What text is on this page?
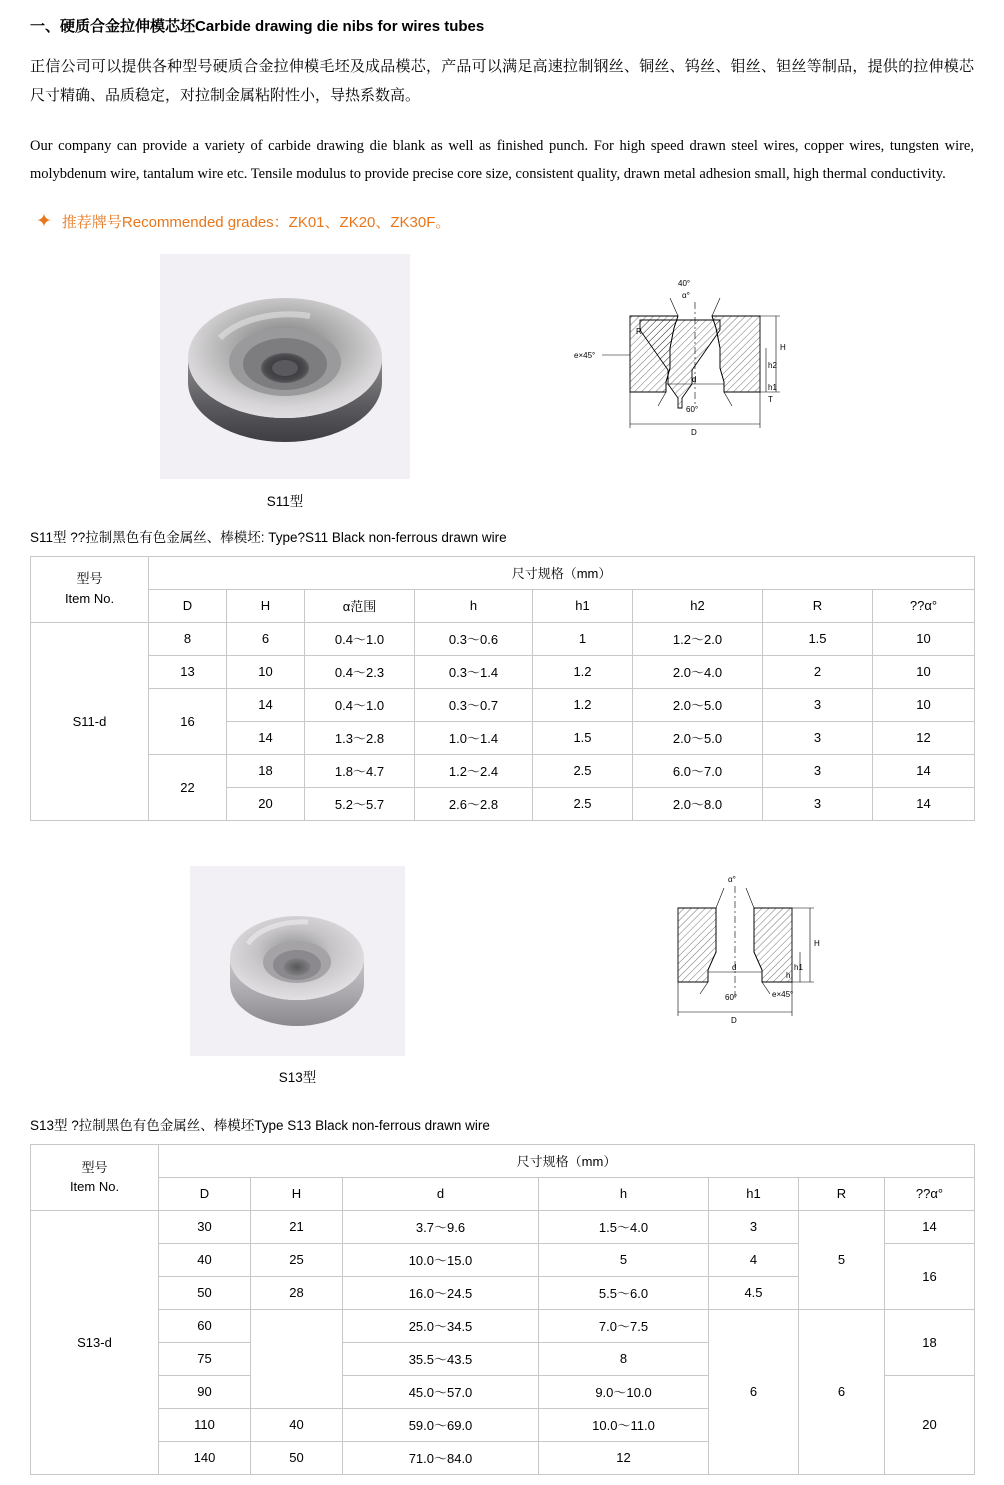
一、硬质合金拉伸模芯坯Carbide drawing die nibs for wires tubes

正信公司可以提供各种型号硬质合金拉伸模毛坯及成品模芯，产品可以满足高速拉制钢丝、铜丝、钨丝、钼丝、钽丝等制品，提供的拉伸模芯尺寸精确、品质稳定，对拉制金属粘附性小，导热系数高。

Our company can provide a variety of carbide drawing die blank as well as finished punch. For high speed drawn steel wires, copper wires, tungsten wire, molybdenum wire, tantalum wire etc. Tensile modulus to provide precise core size, consistent quality, drawn metal adhesion small, high thermal conductivity.

✦ 推荐牌号Recommended grades：ZK01、ZK20、ZK30F。
S11型
40°
α°
R
e×45°
60°
d
D
H
h2
h1
T
S11型 ??拉制黑色有色金属丝、棒模坯: Type?S11 Black non-ferrous drawn wire
型号
Item No.	尺寸规格（mm）							
	D	H	α范围	h	h1	h2	R	??α°
S11-d	8	6	0.4～1.0	0.3～0.6	1	1.2～2.0	1.5	10
	13	10	0.4～2.3	0.3～1.4	1.2	2.0～4.0	2	10
	16	14	0.4～1.0	0.3～0.7	1.2	2.0～5.0	3	10
		14	1.3～2.8	1.0～1.4	1.5	2.0～5.0	3	12
	22	18	1.8～4.7	1.2～2.4	2.5	6.0～7.0	3	14
		20	5.2～5.7	2.6～2.8	2.5	2.0～8.0	3	14
S13型
α°
d
60°	e×45°
D
H
h1
h
S13型 ?拉制黑色有色金属丝、棒模坯Type S13 Black non-ferrous drawn wire
型号
Item No.	尺寸规格（mm）						
	D	H	d	h	h1	R	??α°
S13-d	30	21	3.7～9.6	1.5～4.0	3	5	14
	40	25	10.0～15.0	5	4		16
	50	28	16.0～24.5	5.5～6.0	4.5		
	60		25.0～34.5	7.0～7.5	6	6	18
	75		35.5～43.5	8			
	90		45.0～57.0	9.0～10.0			20
	110	40	59.0～69.0	10.0～11.0			
	140	50	71.0～84.0	12			
